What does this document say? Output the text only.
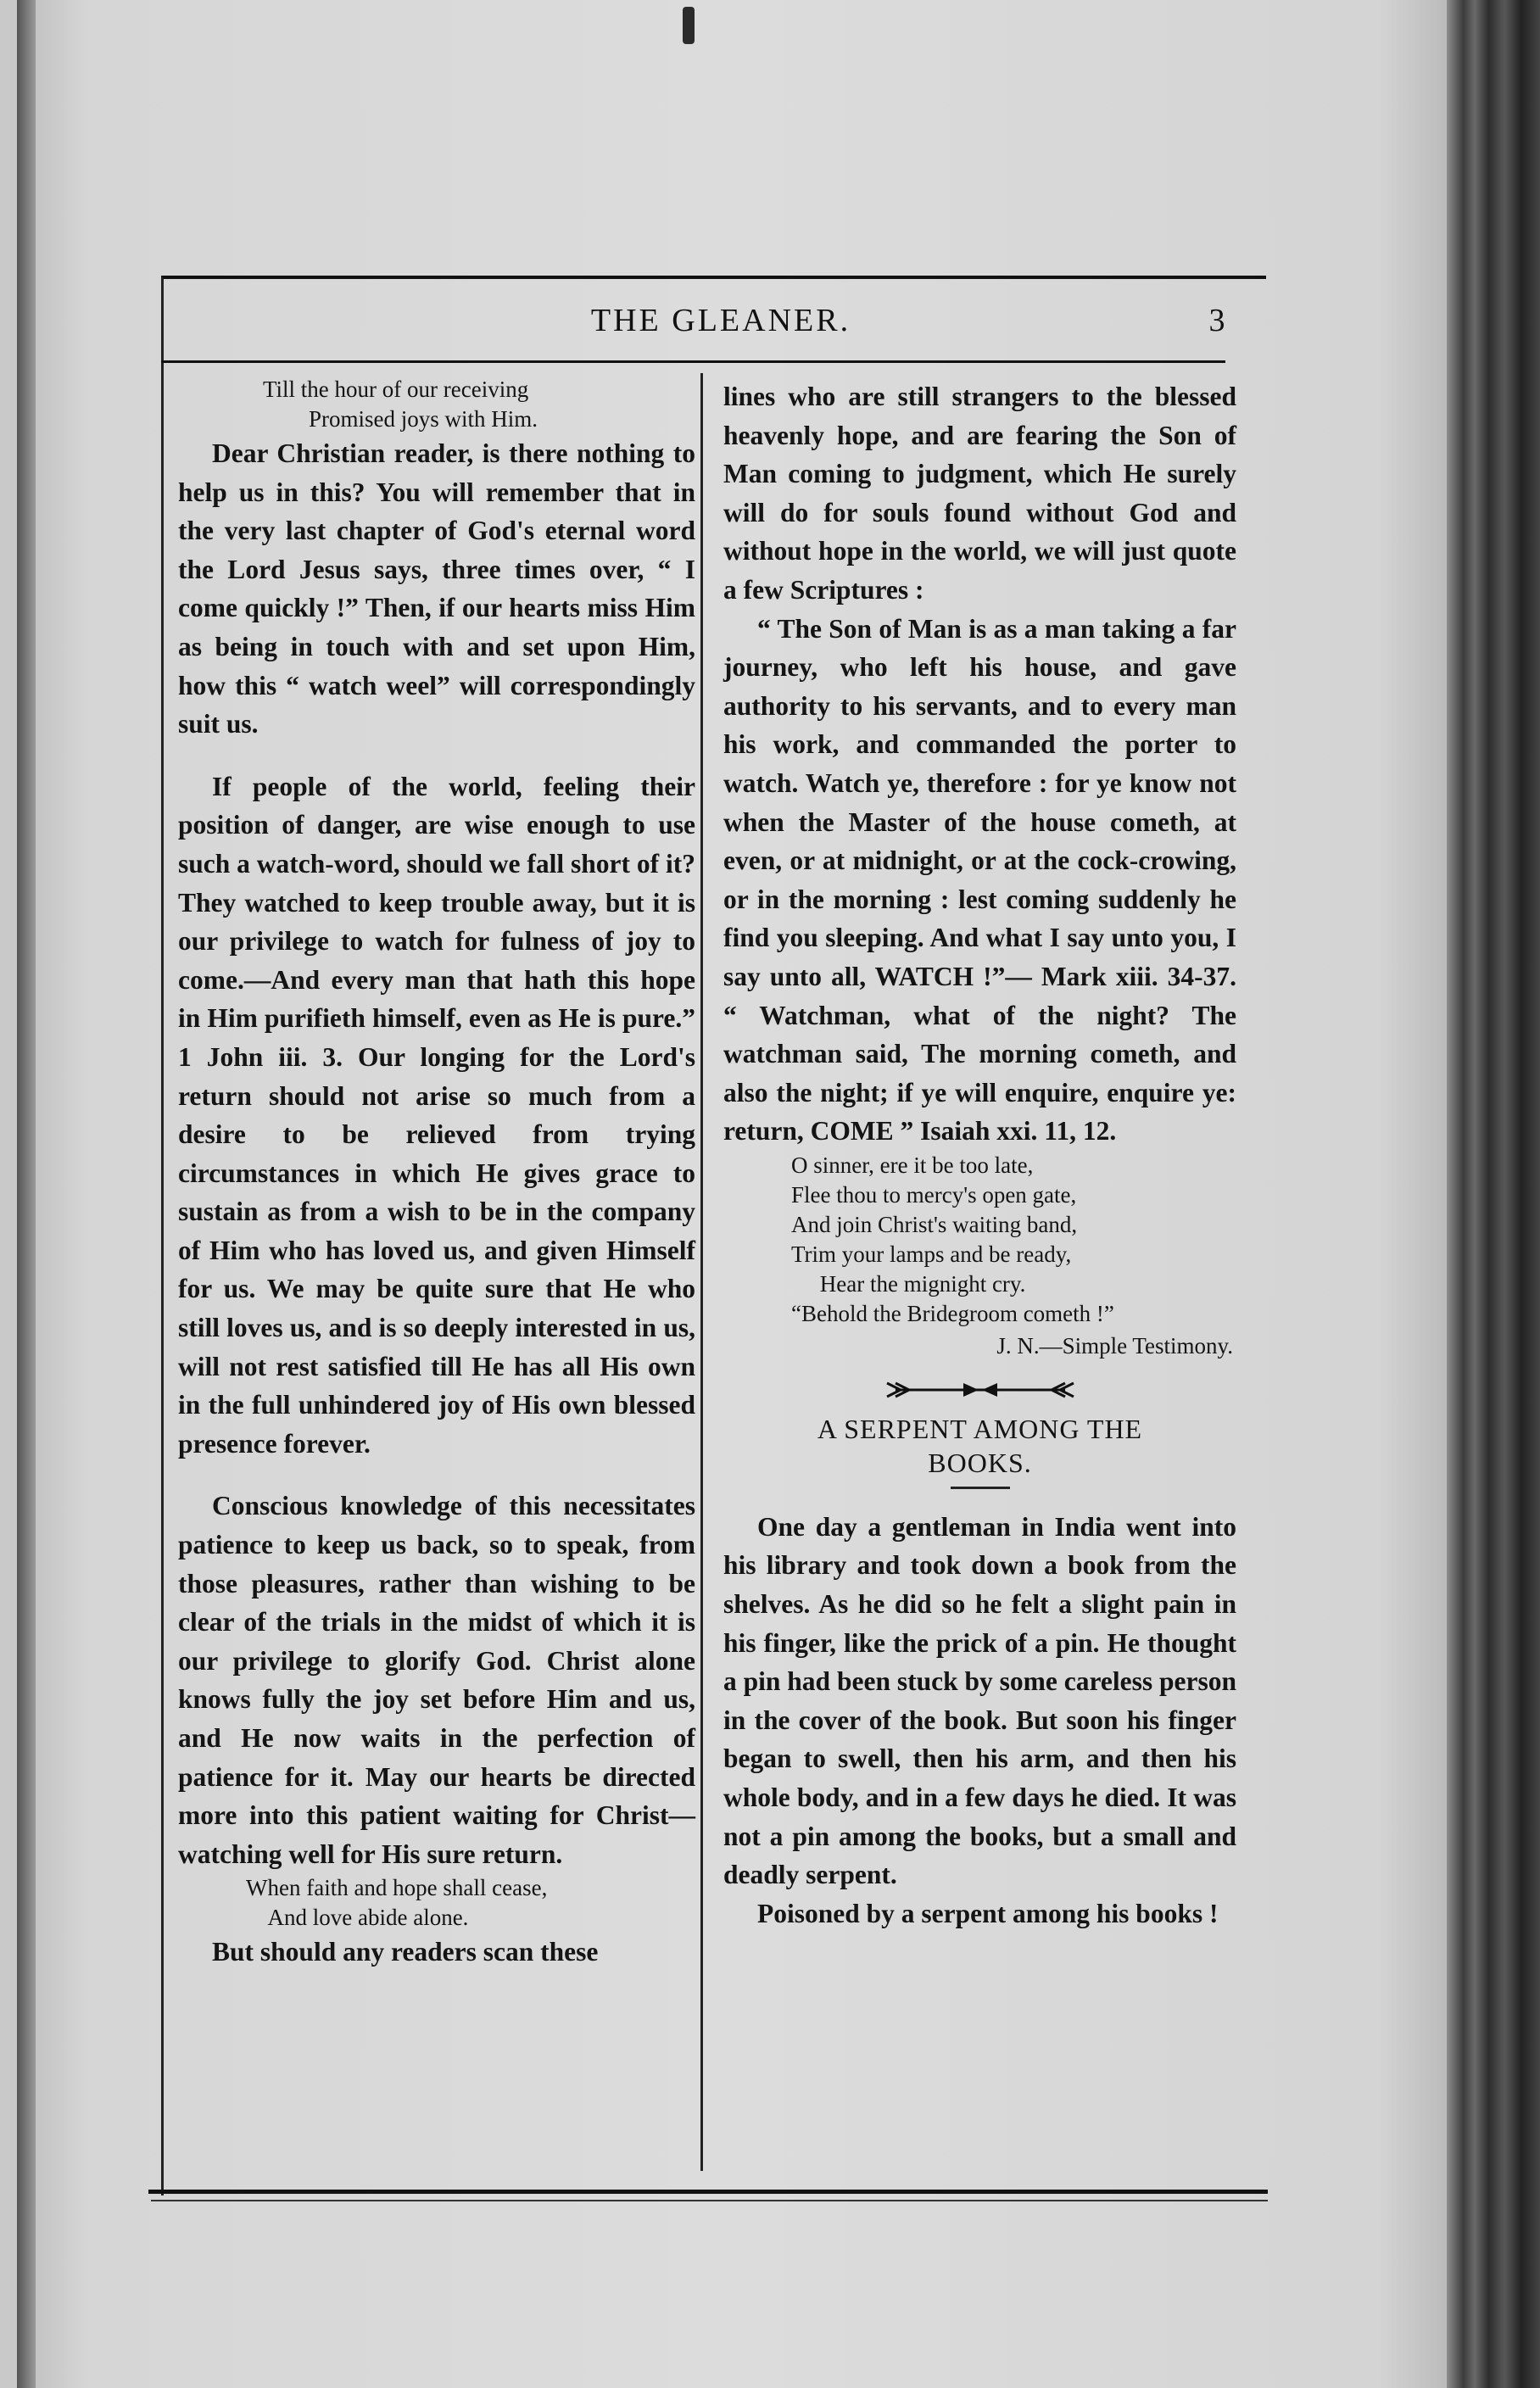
THE GLEANER.	3

Till the hour of our receiving
Promised joys with Him.

Dear Christian reader, is there nothing to help us in this? You will remember that in the very last chapter of God's eternal word the Lord Jesus says, three times over, “ I come quickly !” Then, if our hearts miss Him as being in touch with and set upon Him, how this “ watch weel” will correspondingly suit us.

If people of the world, feeling their position of danger, are wise enough to use such a watch-word, should we fall short of it? They watched to keep trouble away, but it is our privilege to watch for fulness of joy to come.—And every man that hath this hope in Him purifieth himself, even as He is pure.” 1 John iii. 3. Our longing for the Lord's return should not arise so much from a desire to be relieved from trying circumstances in which He gives grace to sustain as from a wish to be in the company of Him who has loved us, and given Himself for us. We may be quite sure that He who still loves us, and is so deeply interested in us, will not rest satisfied till He has all His own in the full unhindered joy of His own blessed presence forever.

Conscious knowledge of this necessitates patience to keep us back, so to speak, from those pleasures, rather than wishing to be clear of the trials in the midst of which it is our privilege to glorify God. Christ alone knows fully the joy set before Him and us, and He now waits in the perfection of patience for it. May our hearts be directed more into this patient waiting for Christ—watching well for His sure return.

When faith and hope shall cease,
And love abide alone.

But should any readers scan these

lines who are still strangers to the blessed heavenly hope, and are fearing the Son of Man coming to judgment, which He surely will do for souls found without God and without hope in the world, we will just quote a few Scriptures :

“ The Son of Man is as a man taking a far journey, who left his house, and gave authority to his servants, and to every man his work, and commanded the porter to watch. Watch ye, therefore : for ye know not when the Master of the house cometh, at even, or at midnight, or at the cock-crowing, or in the morning : lest coming suddenly he find you sleeping. And what I say unto you, I say unto all, WATCH !”— Mark xiii. 34-37. “ Watchman, what of the night? The watchman said, The morning cometh, and also the night; if ye will enquire, enquire ye: return, COME ” Isaiah xxi. 11, 12.

O sinner, ere it be too late,
Flee thou to mercy's open gate,
And join Christ's waiting band,
Trim your lamps and be ready,
Hear the mignight cry.
“Behold the Bridegroom cometh !”

J. N.—Simple Testimony.
A SERPENT AMONG THE
BOOKS.

One day a gentleman in India went into his library and took down a book from the shelves. As he did so he felt a slight pain in his finger, like the prick of a pin. He thought a pin had been stuck by some careless person in the cover of the book. But soon his finger began to swell, then his arm, and then his whole body, and in a few days he died. It was not a pin among the books, but a small and deadly serpent.

Poisoned by a serpent among his books !
